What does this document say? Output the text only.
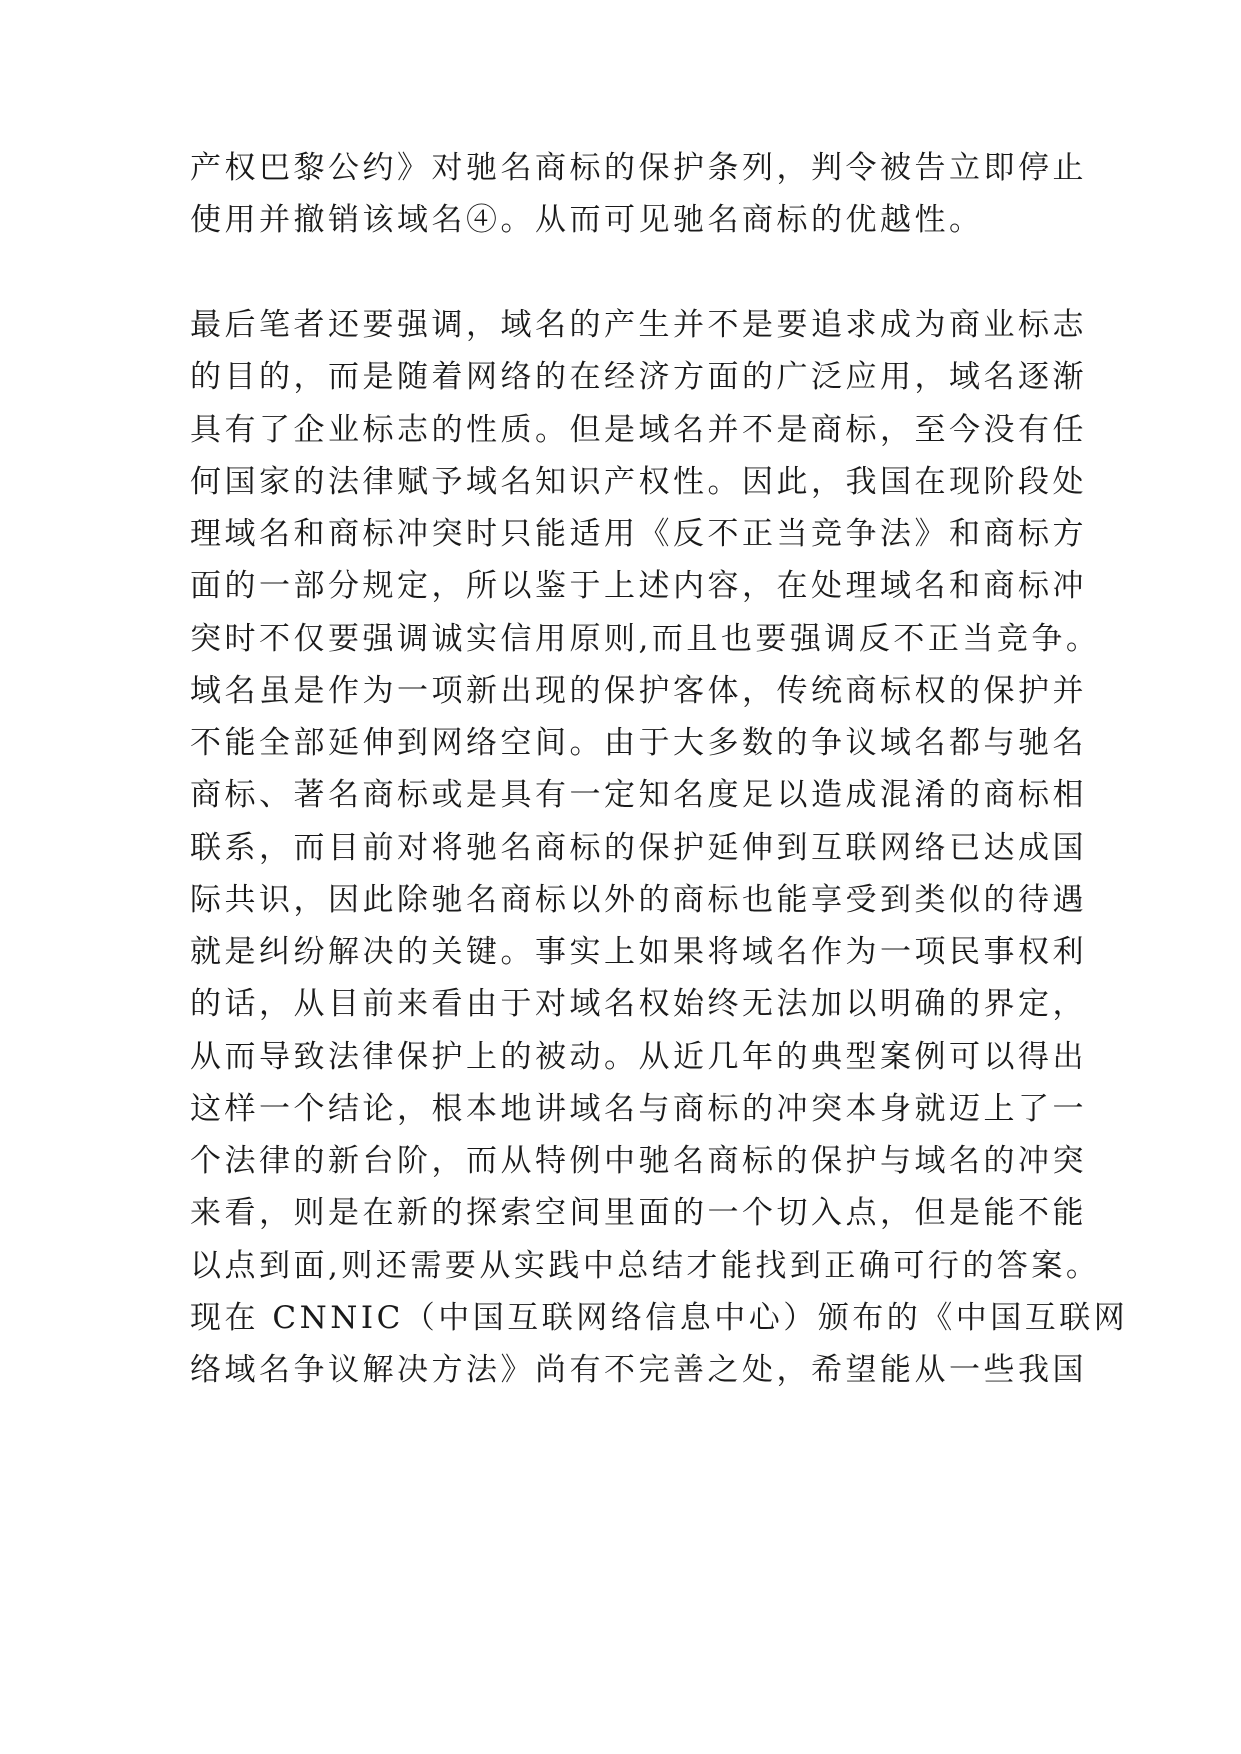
产权巴黎公约》对驰名商标的保护条列，判令被告立即停止
使用并撤销该域名④。从而可见驰名商标的优越性。
最后笔者还要强调，域名的产生并不是要追求成为商业标志
的目的，而是随着网络的在经济方面的广泛应用，域名逐渐
具有了企业标志的性质。但是域名并不是商标，至今没有任
何国家的法律赋予域名知识产权性。因此，我国在现阶段处
理域名和商标冲突时只能适用《反不正当竞争法》和商标方
面的一部分规定，所以鉴于上述内容，在处理域名和商标冲
突时不仅要强调诚实信用原则,而且也要强调反不正当竞争。
域名虽是作为一项新出现的保护客体，传统商标权的保护并
不能全部延伸到网络空间。由于大多数的争议域名都与驰名
商标、著名商标或是具有一定知名度足以造成混淆的商标相
联系，而目前对将驰名商标的保护延伸到互联网络已达成国
际共识，因此除驰名商标以外的商标也能享受到类似的待遇
就是纠纷解决的关键。事实上如果将域名作为一项民事权利
的话，从目前来看由于对域名权始终无法加以明确的界定，
从而导致法律保护上的被动。从近几年的典型案例可以得出
这样一个结论，根本地讲域名与商标的冲突本身就迈上了一
个法律的新台阶，而从特例中驰名商标的保护与域名的冲突
来看，则是在新的探索空间里面的一个切入点，但是能不能
以点到面,则还需要从实践中总结才能找到正确可行的答案。
现在 CNNIC（中国互联网络信息中心）颁布的《中国互联网
络域名争议解决方法》尚有不完善之处，希望能从一些我国
